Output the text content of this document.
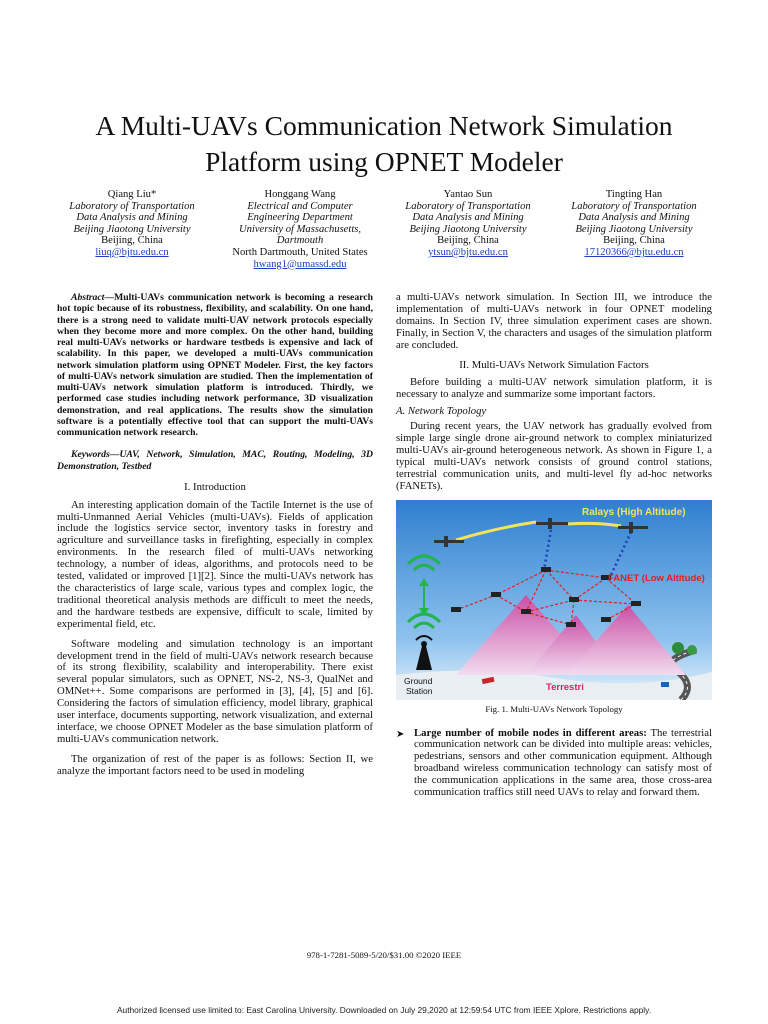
A Multi-UAVs Communication Network Simulation
Platform using OPNET Modeler
Qiang Liu*
Laboratory of Transportation
Data Analysis and Mining
Beijing Jiaotong University
Beijing, China
liuq@bjtu.edu.cn
Honggang Wang
Electrical and Computer
Engineering Department
University of Massachusetts,
Dartmouth
North Dartmouth, United States
hwang1@umassd.edu
Yantao Sun
Laboratory of Transportation
Data Analysis and Mining
Beijing Jiaotong University
Beijing, China
ytsun@bjtu.edu.cn
Tingting Han
Laboratory of Transportation
Data Analysis and Mining
Beijing Jiaotong University
Beijing, China
17120366@bjtu.edu.cn

Abstract—Multi-UAVs communication network is becoming a research hot topic because of its robustness, flexibility, and scalability. On one hand, there is a strong need to validate multi-UAV network protocols especially when they become more and more complex. On the other hand, building real multi-UAVs networks or hardware testbeds is expensive and lack of scalability. In this paper, we developed a multi-UAVs communication network simulation platform using OPNET Modeler. First, the key factors of multi-UAVs network simulation are studied. Then the implementation of multi-UAVs network simulation platform is introduced. Thirdly, we performed case studies including network performance, 3D visualization demonstration, and real applications. The results show the simulation software is a potentially effective tool that can support the multi-UAVs communication network research.

Keywords—UAV, Network, Simulation, MAC, Routing, Modeling, 3D Demonstration, Testbed

I. Introduction

An interesting application domain of the Tactile Internet is the use of multi-Unmanned Aerial Vehicles (multi-UAVs). Fields of application include the logistics service sector, inventory tasks in forestry and agriculture and surveillance tasks in firefighting, especially in complex environments. In the research filed of multi-UAVs networking technology, a number of ideas, algorithms, and protocols need to be tested, validated or improved [1][2]. Since the multi-UAVs network has the characteristics of large scale, various types and complex logic, the traditional theoretical analysis methods are difficult to meet the needs, and the hardware testbeds are expensive, difficult to scale, limited by experimental field, etc.

Software modeling and simulation technology is an important development trend in the field of multi-UAVs network research because of its strong flexibility, scalability and interoperability. There exist several popular simulators, such as OPNET, NS-2, NS-3, QualNet and OMNet++. Some comparisons are performed in [3], [4], [5] and [6]. Considering the factors of simulation efficiency, model library, graphical user interface, documents supporting, network visualization, and external interface, we choose OPNET Modeler as the base simulation platform of multi-UAVs communication network.

The organization of rest of the paper is as follows: Section II, we analyze the important factors need to be used in modeling

a multi-UAVs network simulation. In Section III, we introduce the implementation of multi-UAVs network in four OPNET modeling domains. In Section IV, three simulation experiment cases are shown. Finally, in Section V, the characters and usages of the simulation platform are concluded.

II. Multi-UAVs Network Simulation Factors

Before building a multi-UAV network simulation platform, it is necessary to analyze and summarize some important factors.

A. Network Topology

During recent years, the UAV network has gradually evolved from simple large single drone air-ground network to complex miniaturized multi-UAVs air-ground heterogeneous network. As shown in Figure 1, a typical multi-UAVs network consists of ground control stations, terrestrial communication units, and multi-level fly ad-hoc networks (FANETs).

Ralays (High Altitude)
FANET (Low Altitude)
Ground
Station	Terrestri
Fig. 1. Multi-UAVs Network Topology
➤ Large number of mobile nodes in different areas: The terrestrial communication network can be divided into multiple areas: vehicles, pedestrians, sensors and other communication equipment. Although broadband wireless communication technology can satisfy most of the communication applications in the same area, those cross-area communication traffics still need UAVs to relay and forward them.
978-1-7281-5089-5/20/$31.00 ©2020 IEEE
Authorized licensed use limited to: East Carolina University. Downloaded on July 29,2020 at 12:59:54 UTC from IEEE Xplore. Restrictions apply.
